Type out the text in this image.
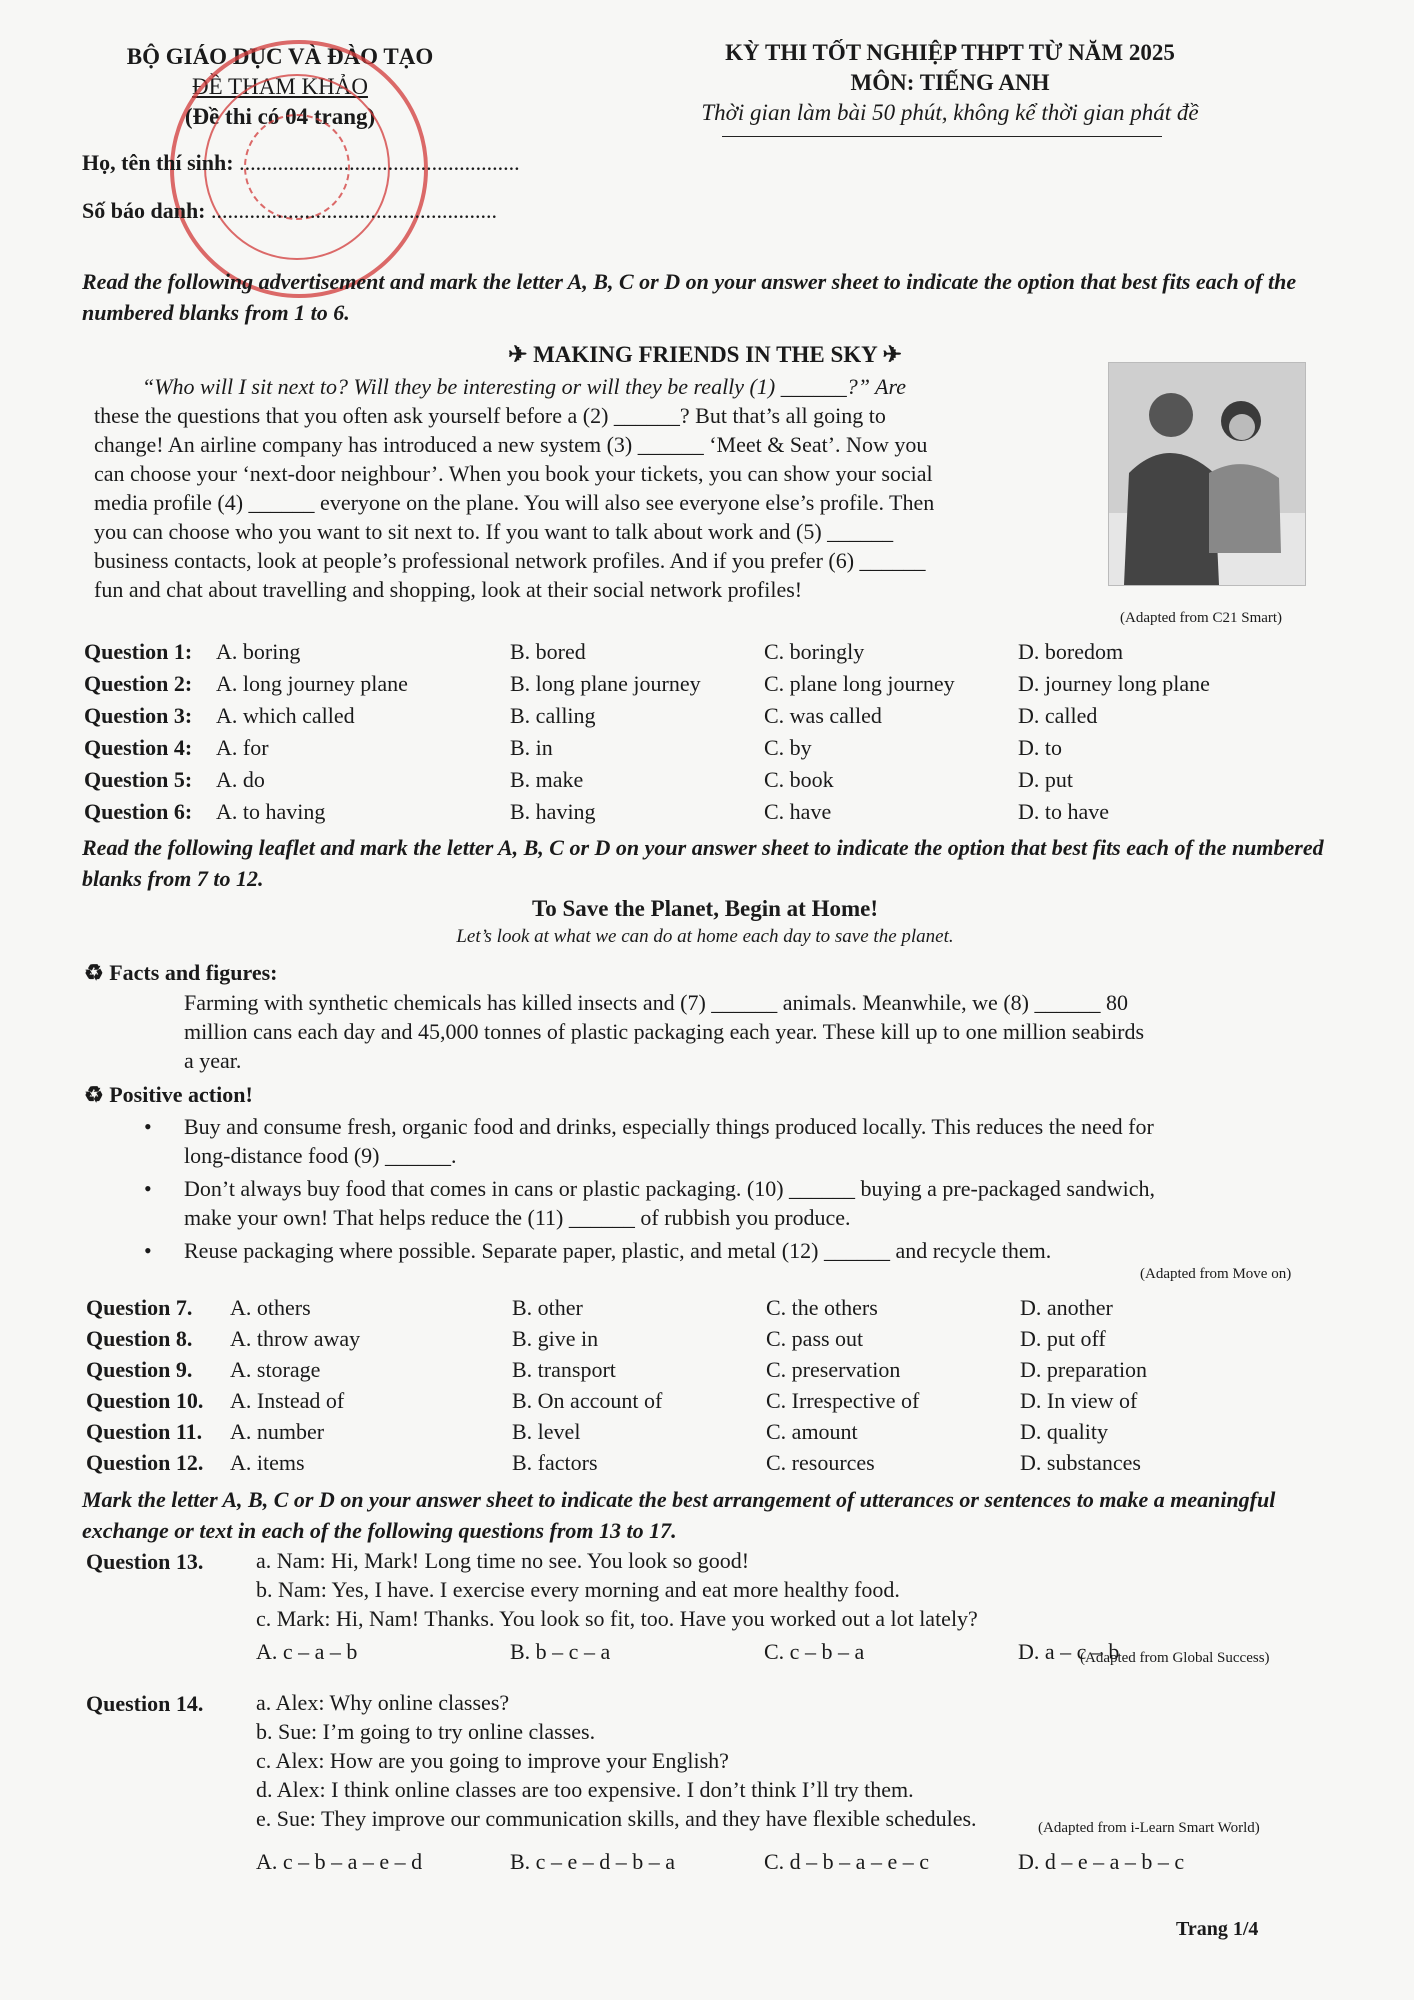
BỘ GIÁO DỤC VÀ ĐÀO TẠO
ĐỀ THAM KHẢO
(Đề thi có 04 trang)
KỲ THI TỐT NGHIỆP THPT TỪ NĂM 2025
MÔN: TIẾNG ANH
Thời gian làm bài 50 phút, không kể thời gian phát đề
Họ, tên thí sinh: ...................................................
Số báo danh: ....................................................
Read the following advertisement and mark the letter A, B, C or D on your answer sheet to indicate the option that best fits each of the numbered blanks from 1 to 6.
✈ MAKING FRIENDS IN THE SKY ✈
“Who will I sit next to? Will they be interesting or will they be really (1) ______?” Are
these the questions that you often ask yourself before a (2) ______? But that’s all going to
change! An airline company has introduced a new system (3) ______ ‘Meet & Seat’. Now you
can choose your ‘next-door neighbour’. When you book your tickets, you can show your social
media profile (4) ______ everyone on the plane. You will also see everyone else’s profile. Then
you can choose who you want to sit next to. If you want to talk about work and (5) ______
business contacts, look at people’s professional network profiles. And if you prefer (6) ______
fun and chat about travelling and shopping, look at their social network profiles!
(Adapted from C21 Smart)
Question 1: A. boring	B. bored	C. boringly	D. boredom
Question 2: A. long journey plane	B. long plane journey	C. plane long journey	D. journey long plane
Question 3: A. which called	B. calling	C. was called	D. called
Question 4: A. for	B. in	C. by	D. to
Question 5: A. do	B. make	C. book	D. put
Question 6: A. to having	B. having	C. have	D. to have
Read the following leaflet and mark the letter A, B, C or D on your answer sheet to indicate the option that best fits each of the numbered blanks from 7 to 12.
To Save the Planet, Begin at Home!
Let’s look at what we can do at home each day to save the planet.
♻ Facts and figures:
Farming with synthetic chemicals has killed insects and (7) ______ animals. Meanwhile, we (8) ______ 80
million cans each day and 45,000 tonnes of plastic packaging each year. These kill up to one million seabirds
a year.
♻ Positive action!
• Buy and consume fresh, organic food and drinks, especially things produced locally. This reduces the need for
long-distance food (9) ______.
• Don’t always buy food that comes in cans or plastic packaging. (10) ______ buying a pre-packaged sandwich,
make your own! That helps reduce the (11) ______ of rubbish you produce.
• Reuse packaging where possible. Separate paper, plastic, and metal (12) ______ and recycle them.
(Adapted from Move on)
Question 7. A. others	B. other	C. the others	D. another
Question 8. A. throw away	B. give in	C. pass out	D. put off
Question 9. A. storage	B. transport	C. preservation	D. preparation
Question 10. A. Instead of	B. On account of	C. Irrespective of	D. In view of
Question 11. A. number	B. level	C. amount	D. quality
Question 12. A. items	B. factors	C. resources	D. substances
Mark the letter A, B, C or D on your answer sheet to indicate the best arrangement of utterances or sentences to make a meaningful exchange or text in each of the following questions from 13 to 17.
Question 13. a. Nam: Hi, Mark! Long time no see. You look so good!
b. Nam: Yes, I have. I exercise every morning and eat more healthy food.
c. Mark: Hi, Nam! Thanks. You look so fit, too. Have you worked out a lot lately?
A. c – a – b	B. b – c – a	C. c – b – a	D. a – c – b
(Adapted from Global Success)
Question 14. a. Alex: Why online classes?
b. Sue: I’m going to try online classes.
c. Alex: How are you going to improve your English?
d. Alex: I think online classes are too expensive. I don’t think I’ll try them.
e. Sue: They improve our communication skills, and they have flexible schedules.
A. c – b – a – e – d	B. c – e – d – b – a	C. d – b – a – e – c	D. d – e – a – b – c
(Adapted from i-Learn Smart World)
Trang 1/4
